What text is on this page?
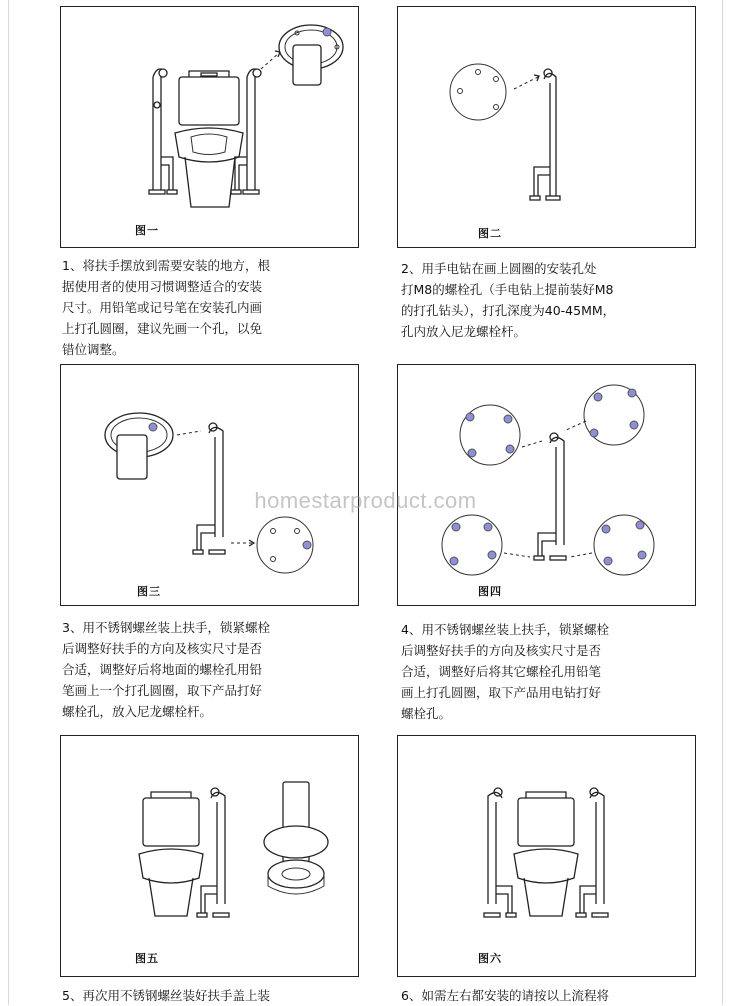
图一	图二
1、将扶手摆放到需要安装的地方，根
据使用者的使用习惯调整适合的安装
尺寸。用铅笔或记号笔在安装孔内画
上打孔圆圈，建议先画一个孔，以免
错位调整。
2、用手电钻在画上圆圈的安装孔处
打M8的螺栓孔（手电钻上提前装好M8
的打孔钻头），打孔深度为40-45MM，
孔内放入尼龙螺栓杆。
图三	图四
homestarproduct.com
3、用不锈钢螺丝装上扶手，锁紧螺栓
后调整好扶手的方向及核实尺寸是否
合适，调整好后将地面的螺栓孔用铅
笔画上一个打孔圆圈，取下产品打好
螺栓孔，放入尼龙螺栓杆。
4、用不锈钢螺丝装上扶手，锁紧螺栓
后调整好扶手的方向及核实尺寸是否
合适，调整好后将其它螺栓孔用铅笔
画上打孔圆圈，取下产品用电钻打好
螺栓孔。
图五	图六
5、再次用不锈钢螺丝装好扶手盖上装	6、如需左右都安装的请按以上流程将
